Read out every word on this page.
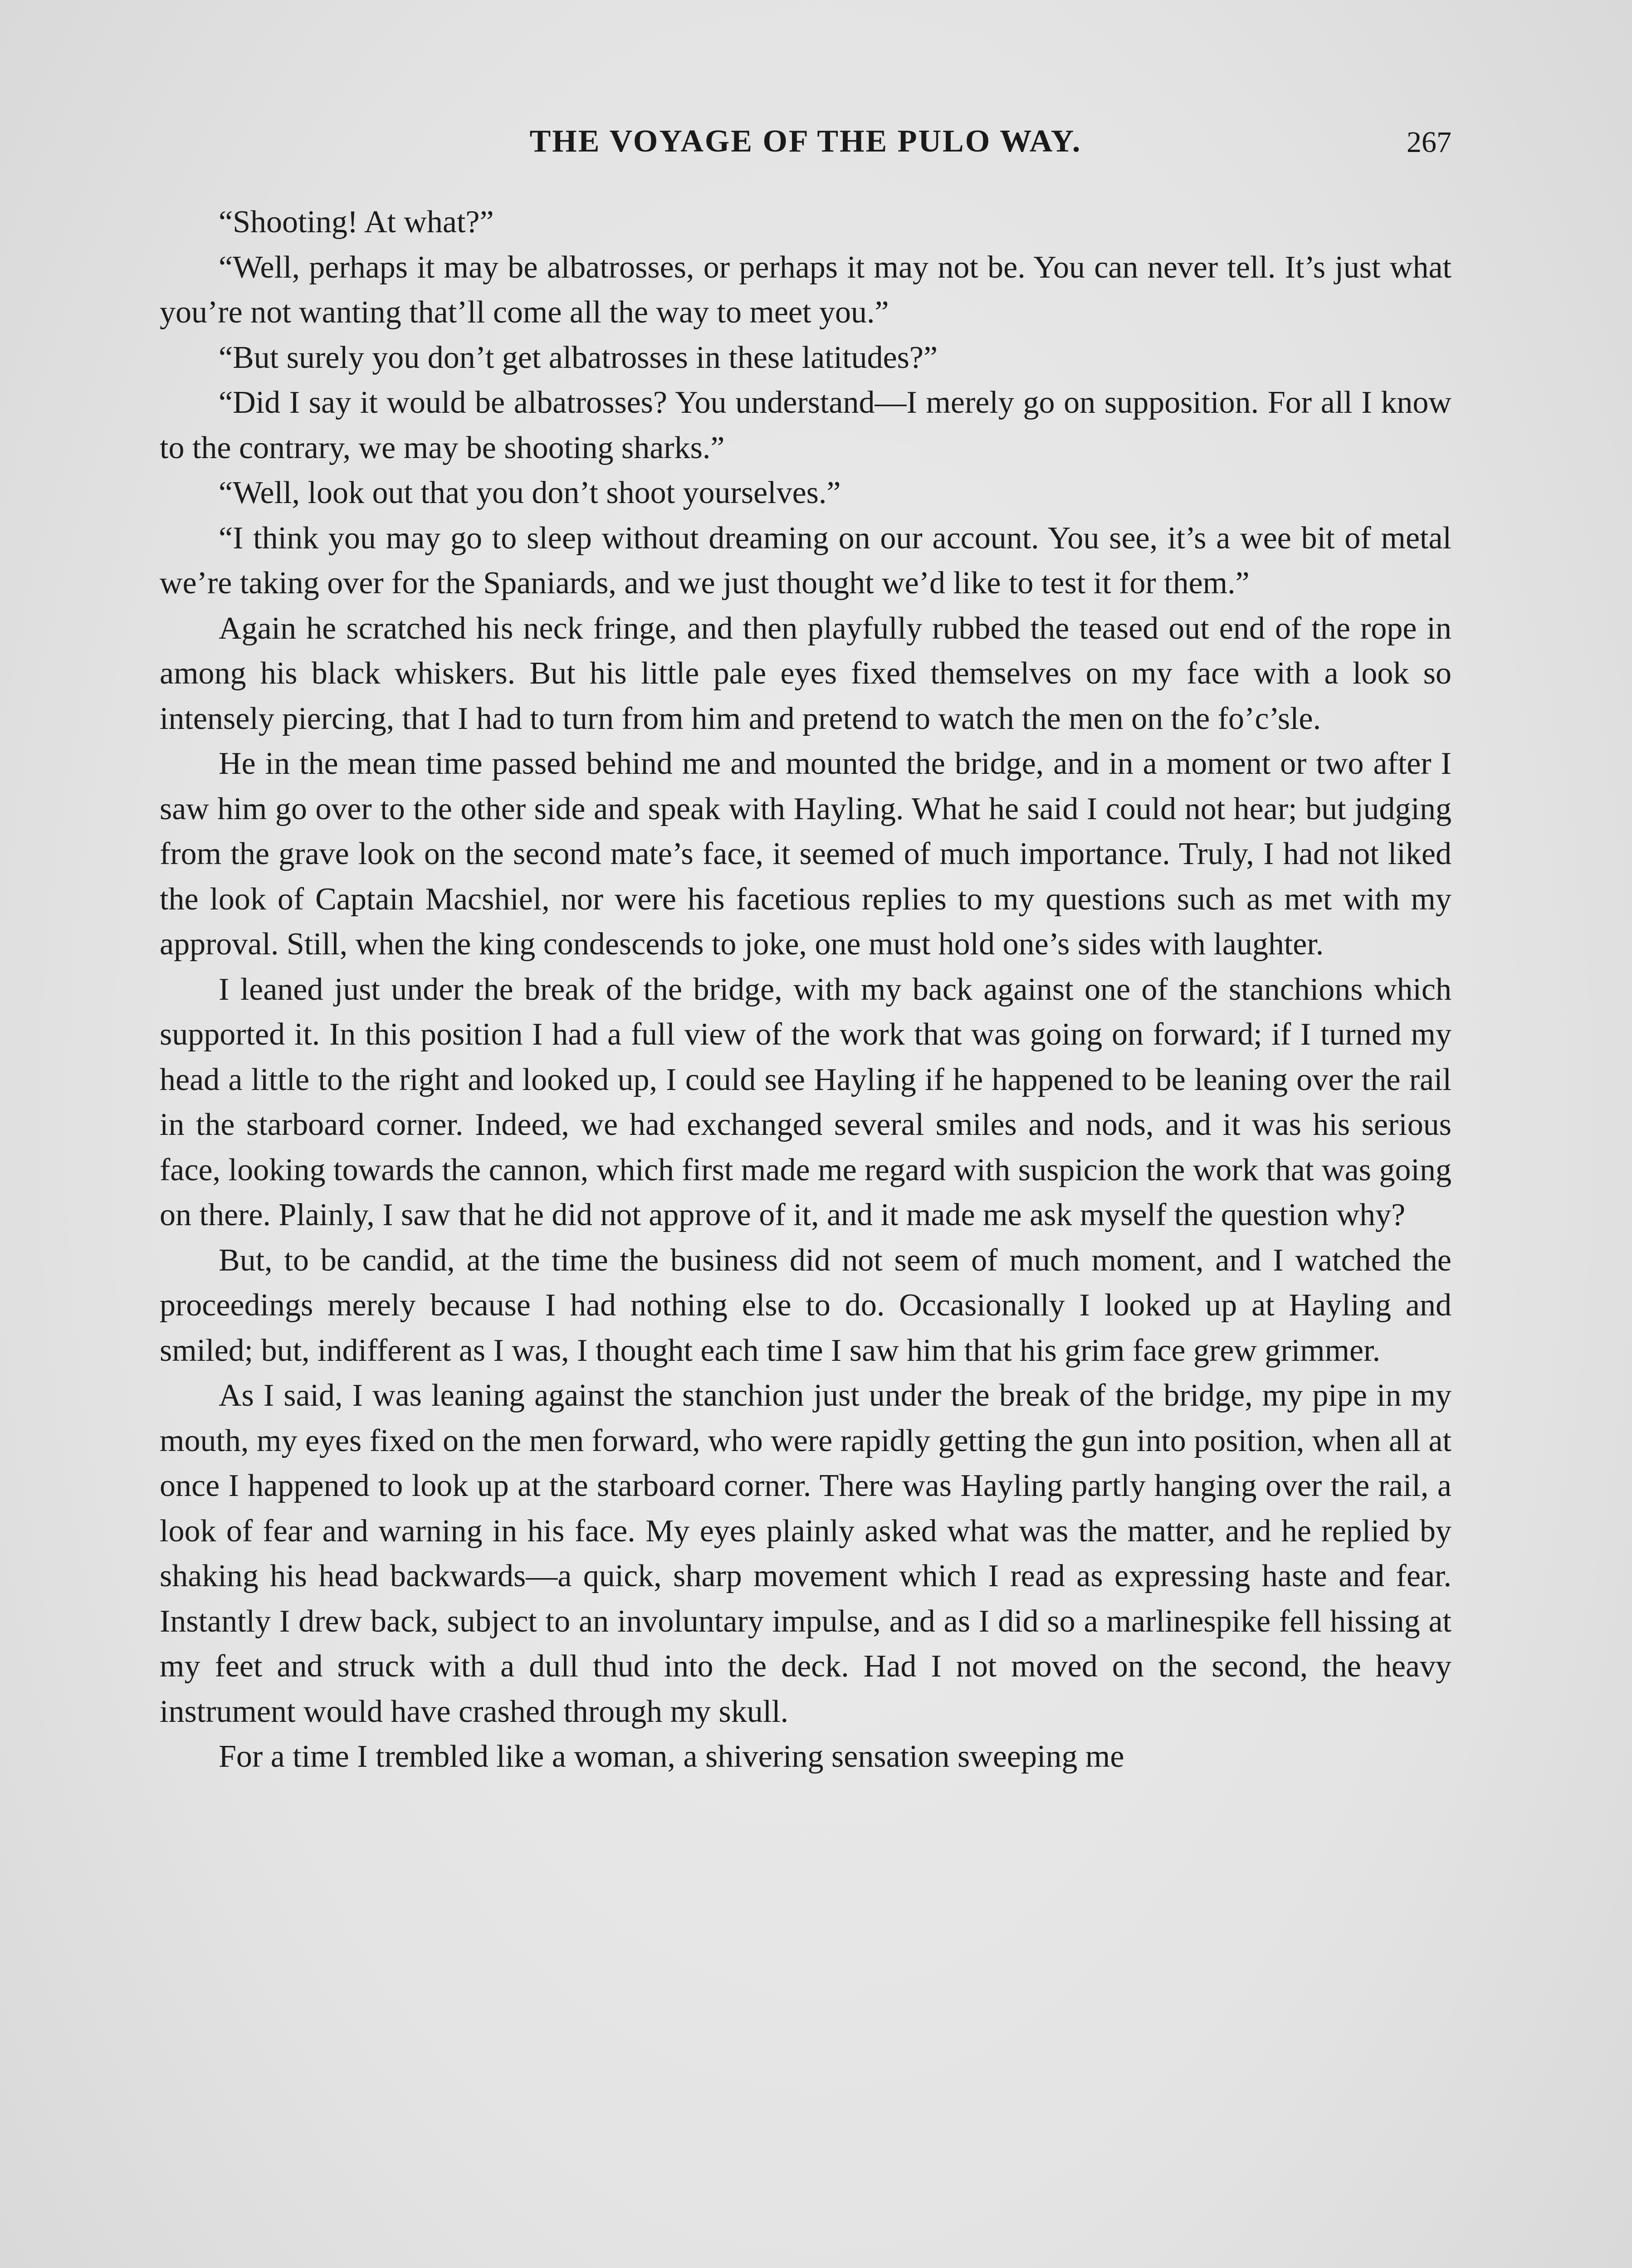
THE VOYAGE OF THE PULO WAY.	267

“Shooting! At what?”

“Well, perhaps it may be albatrosses, or perhaps it may not be. You can never tell. It’s just what you’re not wanting that’ll come all the way to meet you.”

“But surely you don’t get albatrosses in these latitudes?”

“Did I say it would be albatrosses? You understand—I merely go on supposition. For all I know to the contrary, we may be shooting sharks.”

“Well, look out that you don’t shoot yourselves.”

“I think you may go to sleep without dreaming on our account. You see, it’s a wee bit of metal we’re taking over for the Spaniards, and we just thought we’d like to test it for them.”

Again he scratched his neck fringe, and then playfully rubbed the teased out end of the rope in among his black whiskers. But his little pale eyes fixed themselves on my face with a look so intensely piercing, that I had to turn from him and pretend to watch the men on the fo’c’sle.

He in the mean time passed behind me and mounted the bridge, and in a moment or two after I saw him go over to the other side and speak with Hayling. What he said I could not hear; but judging from the grave look on the second mate’s face, it seemed of much importance. Truly, I had not liked the look of Captain Macshiel, nor were his facetious replies to my questions such as met with my approval. Still, when the king condescends to joke, one must hold one’s sides with laughter.

I leaned just under the break of the bridge, with my back against one of the stanchions which supported it. In this position I had a full view of the work that was going on forward; if I turned my head a little to the right and looked up, I could see Hayling if he happened to be leaning over the rail in the starboard corner. Indeed, we had exchanged several smiles and nods, and it was his serious face, looking towards the cannon, which first made me regard with suspicion the work that was going on there. Plainly, I saw that he did not approve of it, and it made me ask myself the question why?

But, to be candid, at the time the business did not seem of much moment, and I watched the proceedings merely because I had nothing else to do. Occasionally I looked up at Hayling and smiled; but, indifferent as I was, I thought each time I saw him that his grim face grew grimmer.

As I said, I was leaning against the stanchion just under the break of the bridge, my pipe in my mouth, my eyes fixed on the men forward, who were rapidly getting the gun into position, when all at once I happened to look up at the starboard corner. There was Hayling partly hanging over the rail, a look of fear and warning in his face. My eyes plainly asked what was the matter, and he replied by shaking his head backwards—a quick, sharp movement which I read as expressing haste and fear. Instantly I drew back, subject to an involuntary impulse, and as I did so a marlinespike fell hissing at my feet and struck with a dull thud into the deck. Had I not moved on the second, the heavy instrument would have crashed through my skull.

For a time I trembled like a woman, a shivering sensation sweeping me
